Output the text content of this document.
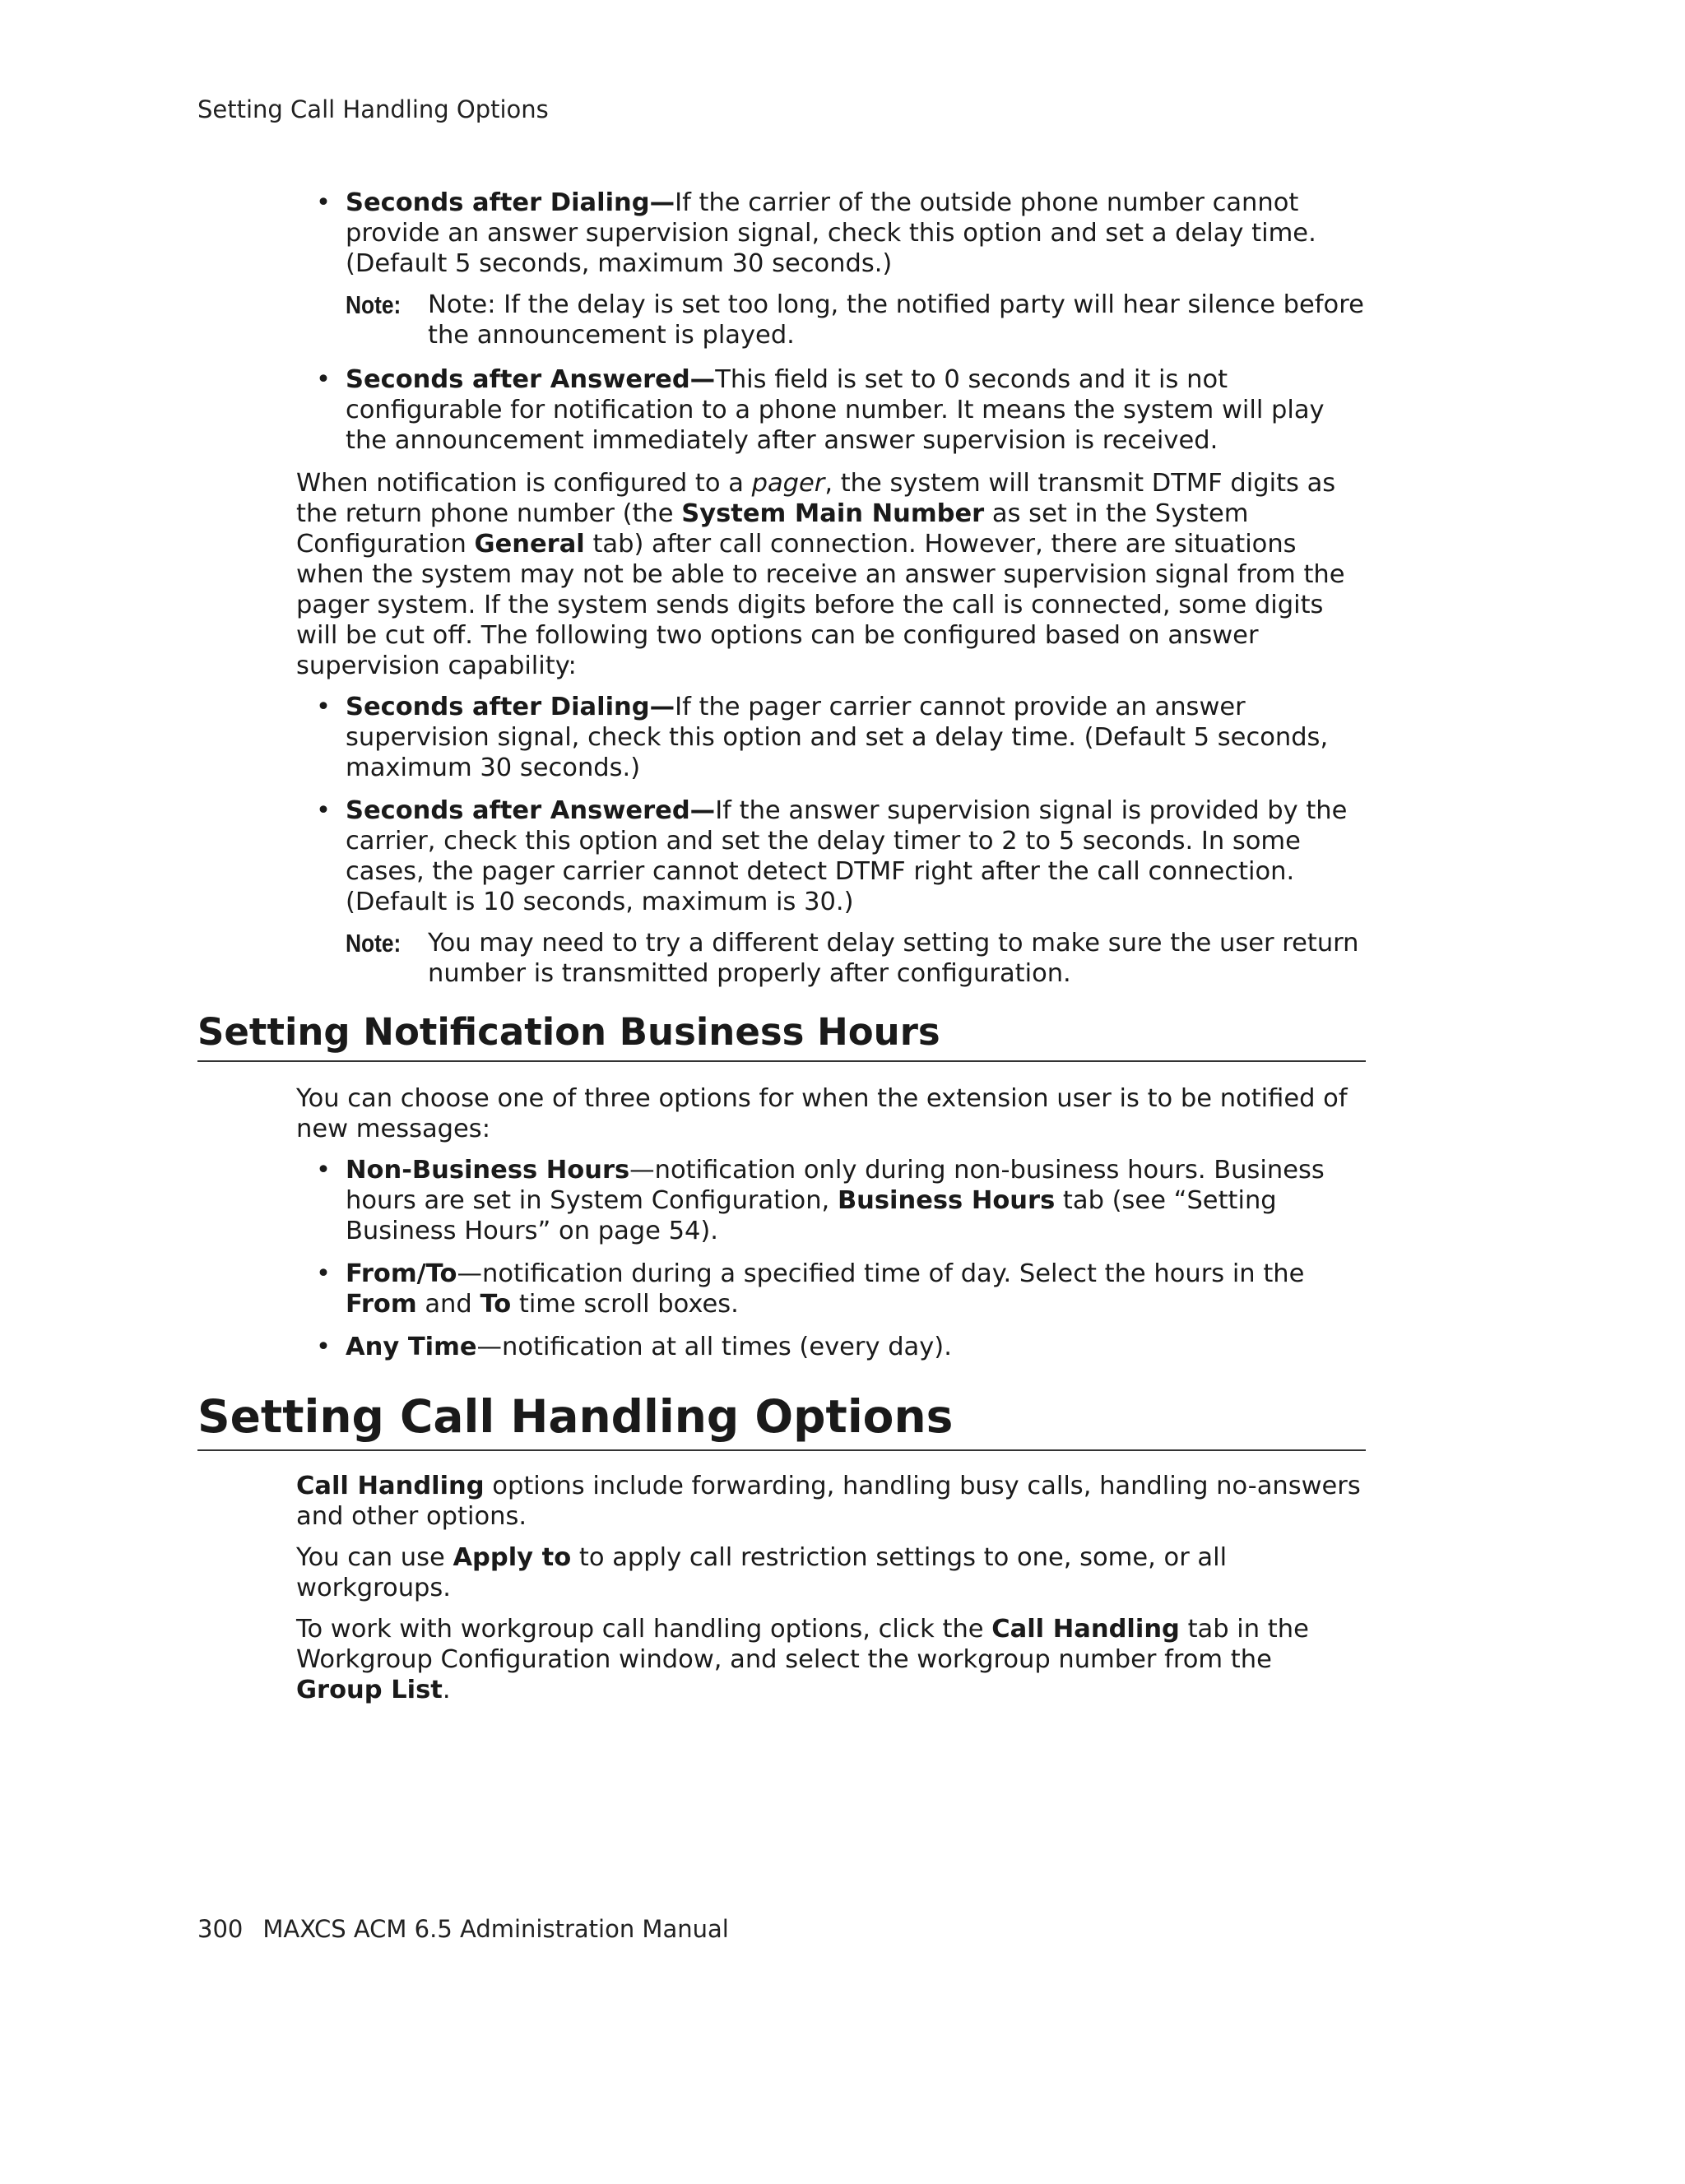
Setting Call Handling Options
• Seconds after Dialing—If the carrier of the outside phone number cannot provide an answer supervision signal, check this option and set a delay time. (Default 5 seconds, maximum 30 seconds.)
Note: Note: If the delay is set too long, the notified party will hear silence before the announcement is played.
• Seconds after Answered—This field is set to 0 seconds and it is not configurable for notification to a phone number. It means the system will play the announcement immediately after answer supervision is received.

When notification is configured to a pager, the system will transmit DTMF digits as the return phone number (the System Main Number as set in the System Configuration General tab) after call connection. However, there are situations when the system may not be able to receive an answer supervision signal from the pager system. If the system sends digits before the call is connected, some digits will be cut off. The following two options can be configured based on answer supervision capability:

• Seconds after Dialing—If the pager carrier cannot provide an answer supervision signal, check this option and set a delay time. (Default 5 seconds, maximum 30 seconds.)
• Seconds after Answered—If the answer supervision signal is provided by the carrier, check this option and set the delay timer to 2 to 5 seconds. In some cases, the pager carrier cannot detect DTMF right after the call connection. (Default is 10 seconds, maximum is 30.)
Note: You may need to try a different delay setting to make sure the user return number is transmitted properly after configuration.
Setting Notification Business Hours

You can choose one of three options for when the extension user is to be notified of new messages:

• Non-Business Hours—notification only during non-business hours. Business hours are set in System Configuration, Business Hours tab (see “Setting Business Hours” on page 54).
• From/To—notification during a specified time of day. Select the hours in the From and To time scroll boxes.
• Any Time—notification at all times (every day).
Setting Call Handling Options

Call Handling options include forwarding, handling busy calls, handling no-answers and other options.

You can use Apply to to apply call restriction settings to one, some, or all workgroups.

To work with workgroup call handling options, click the Call Handling tab in the Workgroup Configuration window, and select the workgroup number from the Group List.

300 MAXCS ACM 6.5 Administration Manual
